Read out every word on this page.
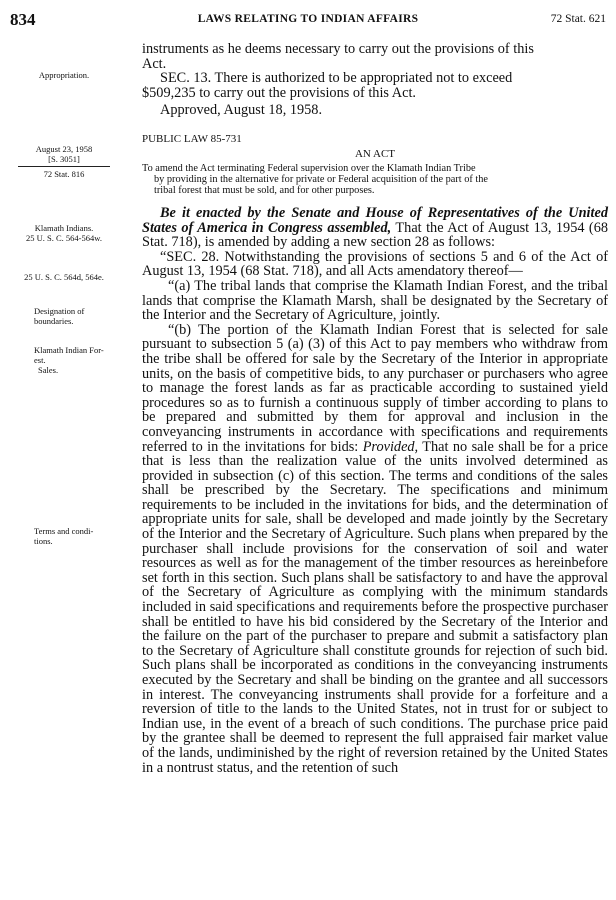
834	LAWS RELATING TO INDIAN AFFAIRS	72 Stat. 621
Appropriation.
August 23, 1958
[S. 3051]
72 Stat. 816
Klamath Indians.
25 U. S. C. 564-564w.
25 U. S. C. 564d, 564e.
Designation of
boundaries.
Klamath Indian For-
est.
Sales.
Terms and condi-
tions.

instruments as he deems necessary to carry out the provisions of this
Act.

SEC. 13. There is authorized to be appropriated not to exceed
$509,235 to carry out the provisions of this Act.

Approved, August 18, 1958.

PUBLIC LAW 85-731
AN ACT
To amend the Act terminating Federal supervision over the Klamath Indian Tribe
by providing in the alternative for private or Federal acquisition of the part of the
tribal forest that must be sold, and for other purposes.

Be it enacted by the Senate and House of Representatives of the United States of America in Congress assembled, That the Act of August 13, 1954 (68 Stat. 718), is amended by adding a new section 28 as follows:

“SEC. 28. Notwithstanding the provisions of sections 5 and 6 of the Act of August 13, 1954 (68 Stat. 718), and all Acts amendatory thereof—

“(a) The tribal lands that comprise the Klamath Indian Forest, and the tribal lands that comprise the Klamath Marsh, shall be designated by the Secretary of the Interior and the Secretary of Agriculture, jointly.

“(b) The portion of the Klamath Indian Forest that is selected for sale pursuant to subsection 5 (a) (3) of this Act to pay members who withdraw from the tribe shall be offered for sale by the Secretary of the Interior in appropriate units, on the basis of competitive bids, to any purchaser or purchasers who agree to manage the forest lands as far as practicable according to sustained yield procedures so as to furnish a continuous supply of timber according to plans to be prepared and submitted by them for approval and inclusion in the conveyancing instruments in accordance with specifications and requirements referred to in the invitations for bids: Provided, That no sale shall be for a price that is less than the realization value of the units involved determined as provided in subsection (c) of this section. The terms and conditions of the sales shall be prescribed by the Secretary. The specifications and minimum requirements to be included in the invitations for bids, and the determination of appropriate units for sale, shall be developed and made jointly by the Secretary of the Interior and the Secretary of Agriculture. Such plans when prepared by the purchaser shall include provisions for the conservation of soil and water resources as well as for the management of the timber resources as hereinbefore set forth in this section. Such plans shall be satisfactory to and have the approval of the Secretary of Agriculture as complying with the minimum standards included in said specifications and requirements before the prospective purchaser shall be entitled to have his bid considered by the Secretary of the Interior and the failure on the part of the purchaser to prepare and submit a satisfactory plan to the Secretary of Agriculture shall constitute grounds for rejection of such bid. Such plans shall be incorporated as conditions in the conveyancing instruments executed by the Secretary and shall be binding on the grantee and all successors in interest. The conveyancing instruments shall provide for a forfeiture and a reversion of title to the lands to the United States, not in trust for or subject to Indian use, in the event of a breach of such conditions. The purchase price paid by the grantee shall be deemed to represent the full appraised fair market value of the lands, undiminished by the right of reversion retained by the United States in a nontrust status, and the retention of such
